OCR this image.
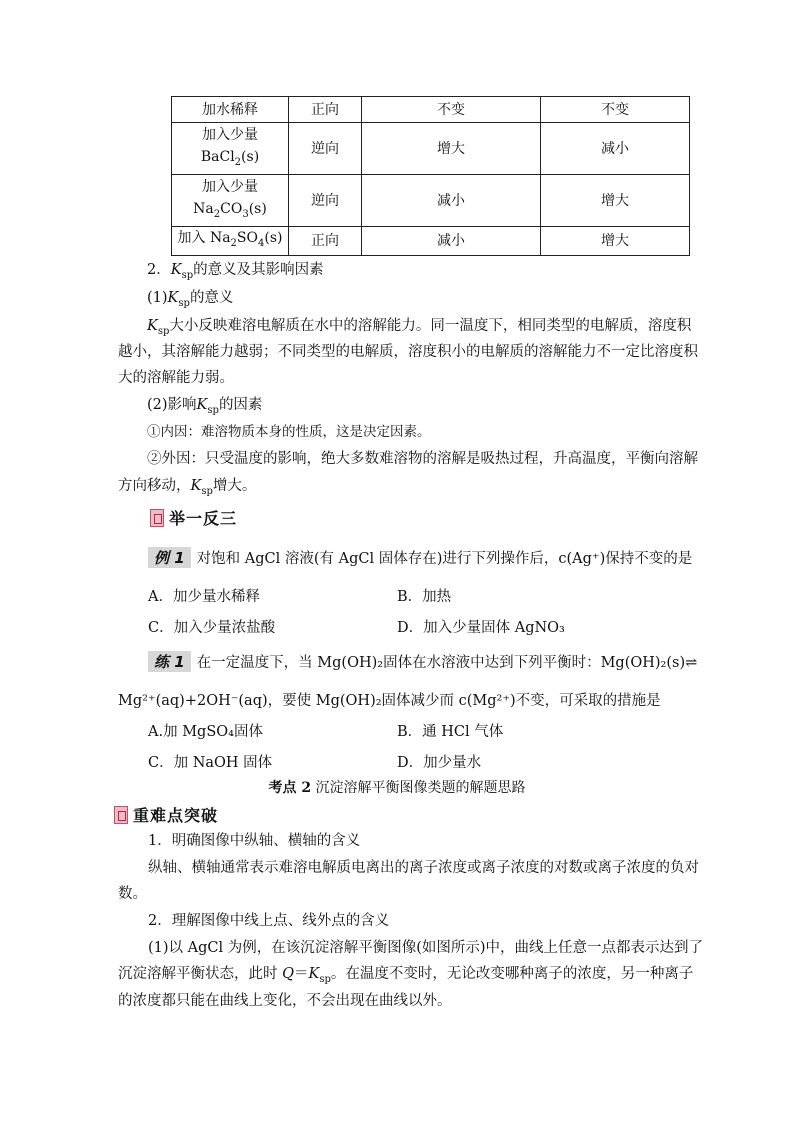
加水稀释	正向	不变	不变

加入少量
BaCl$_2$(s)	逆向	增大	减小

加入少量
$Na_2CO_3(s)$	逆向	减小	增大
加入 $Na_2SO_4(s)$	正向	减小	增大
2．$K_{sp}$的意义及其影响因素
$(1)K_{sp}$的意义
$K_{sp}$大小反映难溶电解质在水中的溶解能力。同一温度下，相同类型的电解质，溶度积
越小，其溶解能力越弱；不同类型的电解质，溶度积小的电解质的溶解能力不一定比溶度积
大的溶解能力弱。
(2)影响$K_{sp}$的因素
①内因：难溶物质本身的性质，这是决定因素。
②外因：只受温度的影响，绝大多数难溶物的溶解是吸热过程，升高温度，平衡向溶解
方向移动，$K_{sp}$增大。
举一反三
例 1 对饱和 AgCl 溶液(有 AgCl 固体存在)进行下列操作后，c(Ag⁺)保持不变的是
A．加少量水稀释	B．加热
C．加入少量浓盐酸	D．加入少量固体 AgNO₃
练 1 在一定温度下，当 Mg(OH)₂固体在水溶液中达到下列平衡时：Mg(OH)₂(s)⇌
Mg²⁺(aq)+2OH⁻(aq)，要使 Mg(OH)₂固体减少而 c(Mg²⁺)不变，可采取的措施是
A.加 MgSO₄固体	B．通 HCl 气体
C．加 NaOH 固体	D．加少量水
考点 2 沉淀溶解平衡图像类题的解题思路
重难点突破
1．明确图像中纵轴、横轴的含义
纵轴、横轴通常表示难溶电解质电离出的离子浓度或离子浓度的对数或离子浓度的负对
数。
2．理解图像中线上点、线外点的含义
(1)以 AgCl 为例，在该沉淀溶解平衡图像(如图所示)中，曲线上任意一点都表示达到了
沉淀溶解平衡状态，此时 $Q=K_{sp}$。在温度不变时，无论改变哪种离子的浓度，另一种离子
的浓度都只能在曲线上变化，不会出现在曲线以外。
